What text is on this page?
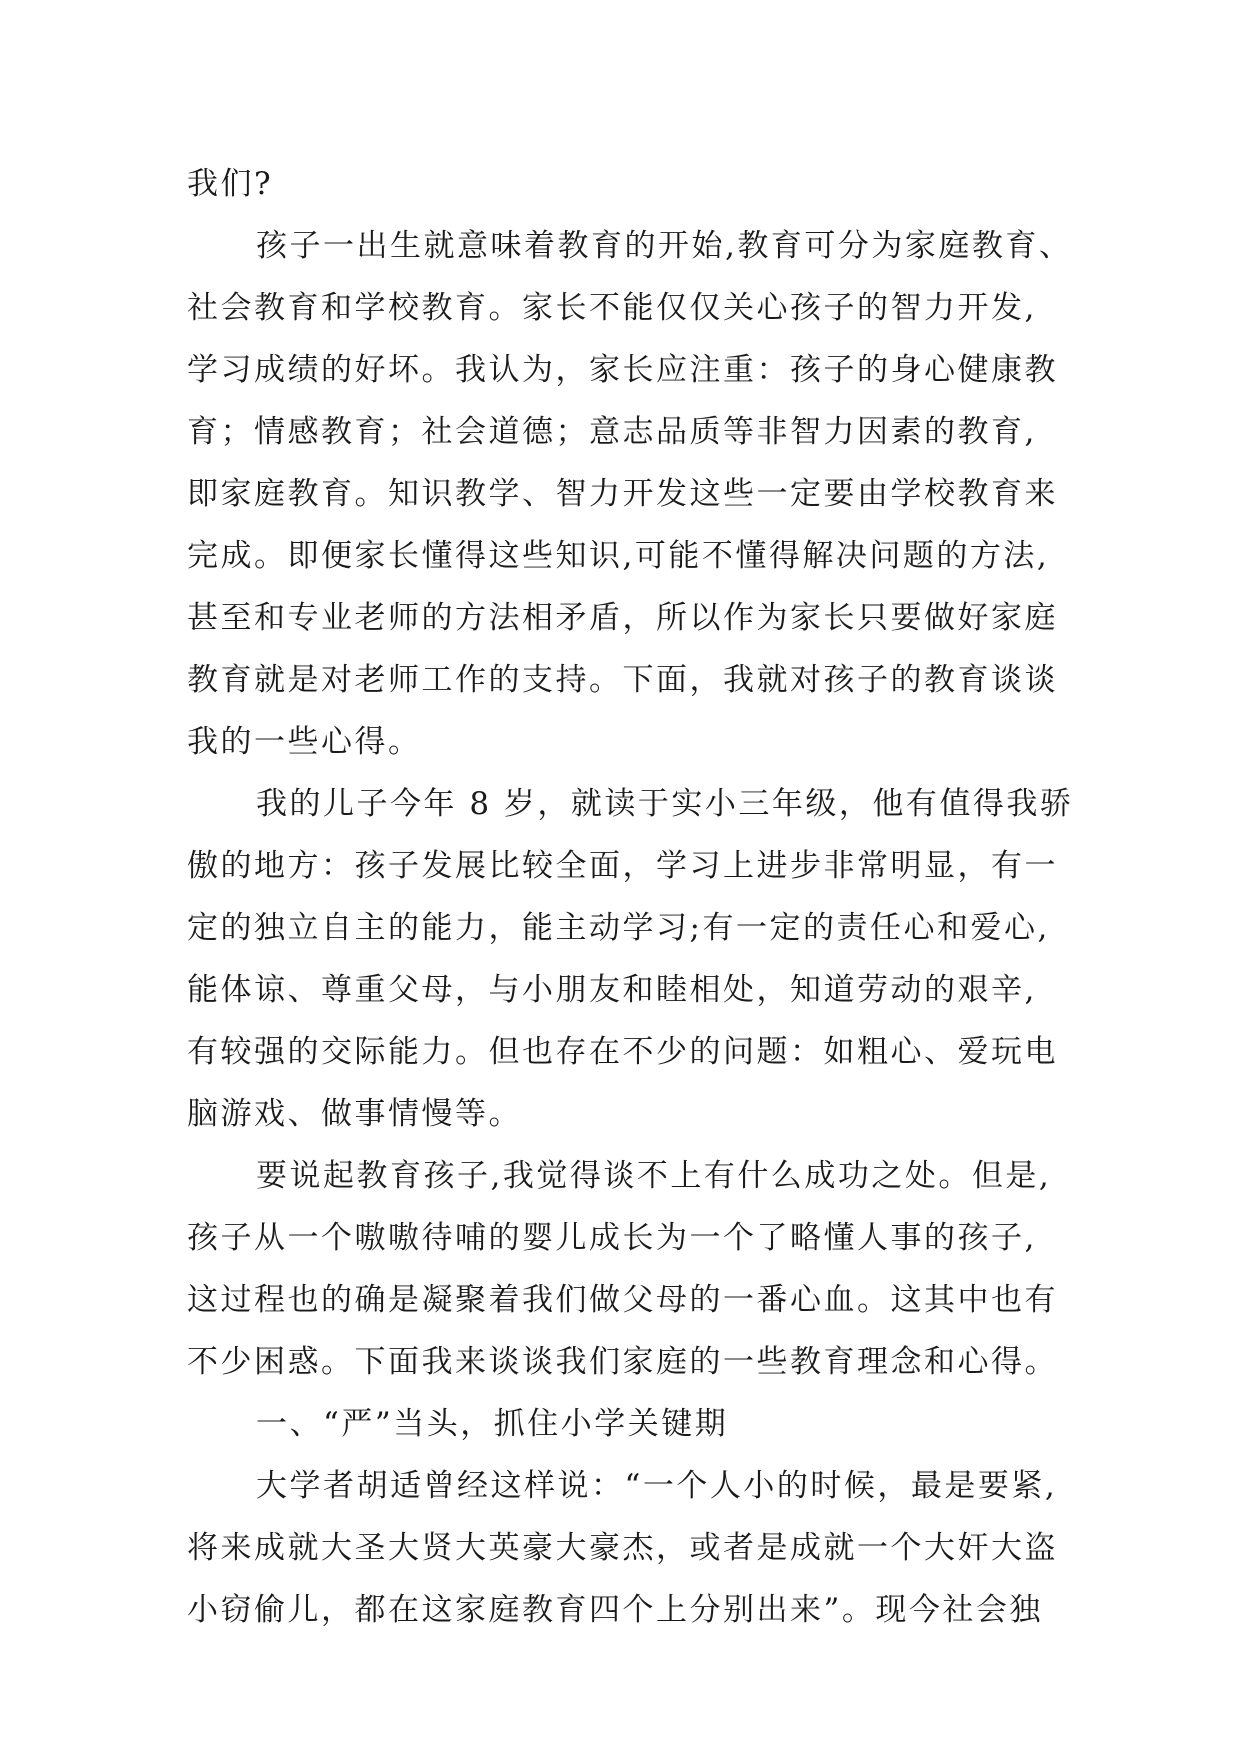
我们?
孩子一出生就意味着教育的开始,教育可分为家庭教育、
社会教育和学校教育。家长不能仅仅关心孩子的智力开发,
学习成绩的好坏。我认为，家长应注重：孩子的身心健康教
育；情感教育；社会道德；意志品质等非智力因素的教育,
即家庭教育。知识教学、智力开发这些一定要由学校教育来
完成。即便家长懂得这些知识,可能不懂得解决问题的方法,
甚至和专业老师的方法相矛盾，所以作为家长只要做好家庭
教育就是对老师工作的支持。下面，我就对孩子的教育谈谈
我的一些心得。
我的儿子今年 8 岁，就读于实小三年级，他有值得我骄
傲的地方：孩子发展比较全面，学习上进步非常明显，有一
定的独立自主的能力，能主动学习;有一定的责任心和爱心,
能体谅、尊重父母，与小朋友和睦相处，知道劳动的艰辛,
有较强的交际能力。但也存在不少的问题：如粗心、爱玩电
脑游戏、做事情慢等。
要说起教育孩子,我觉得谈不上有什么成功之处。但是,
孩子从一个嗷嗷待哺的婴儿成长为一个了略懂人事的孩子,
这过程也的确是凝聚着我们做父母的一番心血。这其中也有
不少困惑。下面我来谈谈我们家庭的一些教育理念和心得。
一、“严”当头，抓住小学关键期
大学者胡适曾经这样说：“一个人小的时候，最是要紧,
将来成就大圣大贤大英豪大豪杰，或者是成就一个大奸大盗
小窃偷儿，都在这家庭教育四个上分别出来”。现今社会独
